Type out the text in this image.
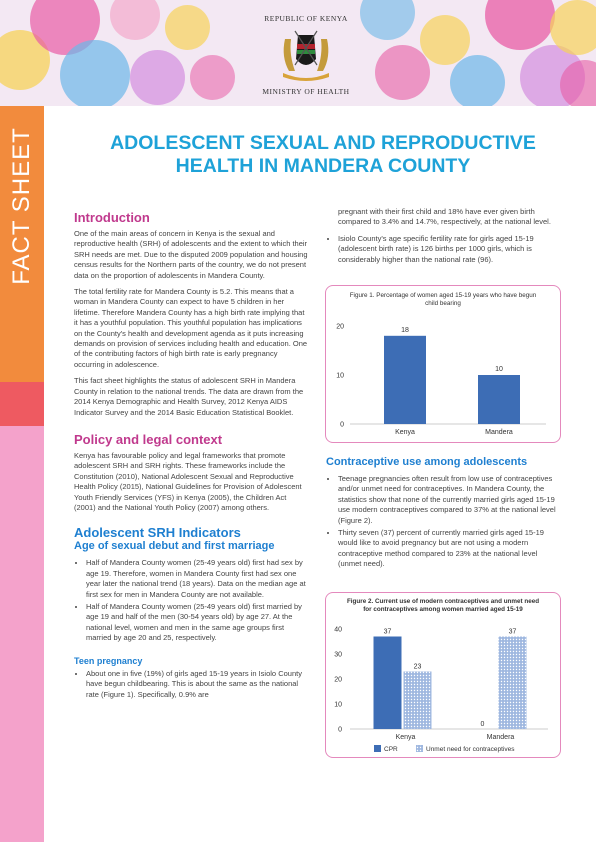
REPUBLIC OF KENYA
MINISTRY OF HEALTH
FACT SHEET	ADOLESCENT SEXUAL AND REPRODUCTIVE
HEALTH IN MANDERA COUNTY
Introduction

One of the main areas of concern in Kenya is the sexual and reproductive health (SRH) of adolescents and the extent to which their SRH needs are met. Due to the disputed 2009 population and housing census results for the Northern parts of the country, we do not present data on the proportion of adolescents in Mandera County.

The total fertility rate for Mandera County is 5.2. This means that a woman in Mandera County can expect to have 5 children in her lifetime. Therefore Mandera County has a high birth rate implying that it has a youthful population. This youthful population has implications on the County's health and development agenda as it puts increasing demands on provision of services including health and education. One of the contributing factors of high birth rate is early pregnancy occurring in adolescence.

This fact sheet highlights the status of adolescent SRH in Mandera County in relation to the national trends. The data are drawn from the 2014 Kenya Demographic and Health Survey, 2012 Kenya AIDS Indicator Survey and the 2014 Basic Education Statistical Booklet.

Policy and legal context

Kenya has favourable policy and legal frameworks that promote adolescent SRH and SRH rights. These frameworks include the Constitution (2010), National Adolescent Sexual and Reproductive Health Policy (2015), National Guidelines for Provision of Adolescent Youth Friendly Services (YFS) in Kenya (2005), the Children Act (2001) and the National Youth Policy (2007) among others.

Adolescent SRH Indicators
Age of sexual debut and first marriage
• Half of Mandera County women (25-49 years old) first had sex by age 19. Therefore, women in Mandera County first had sex one year later the national trend (18 years). Data on the median age at first sex for men in Mandera County are not available.
• Half of Mandera County women (25-49 years old) first married by age 19 and half of the men (30-54 years old) by age 27. At the national level, women and men in the same age groups first married by age 20 and 25, respectively.
Teen pregnancy
• About one in five (19%) of girls aged 15-19 years in Isiolo County have begun childbearing. This is about the same as the national rate (Figure 1). Specifically, 0.9% are

pregnant with their first child and 18% have ever given birth compared to 3.4% and 14.7%, respectively, at the national level.

• Isiolo County's age specific fertility rate for girls aged 15-19 (adolescent birth rate) is 126 births per 1000 girls, which is considerably higher than the national rate (96).
Figure 1. Percentage of women aged 15-19 years who have begun child bearing
0
10
20	18
Kenya
10
Mandera
Contraceptive use among adolescents
• Teenage pregnancies often result from low use of contraceptives and/or unmet need for contraceptives. In Mandera County, the statistics show that none of the currently married girls aged 15-19 use modern contraceptives compared to 37% at the national level (Figure 2).
• Thirty seven (37) percent of currently married girls aged 15-19 would like to avoid pregnancy but are not using a modern contraceptive method compared to 23% at the national level (unmet need).
Figure 2. Current use of modern contraceptives and unmet need for contraceptives among women married aged 15-19
0
10
20
30
40	37
23
Kenya
0
37
Mandera
CPR	Unmet need for contraceptives
